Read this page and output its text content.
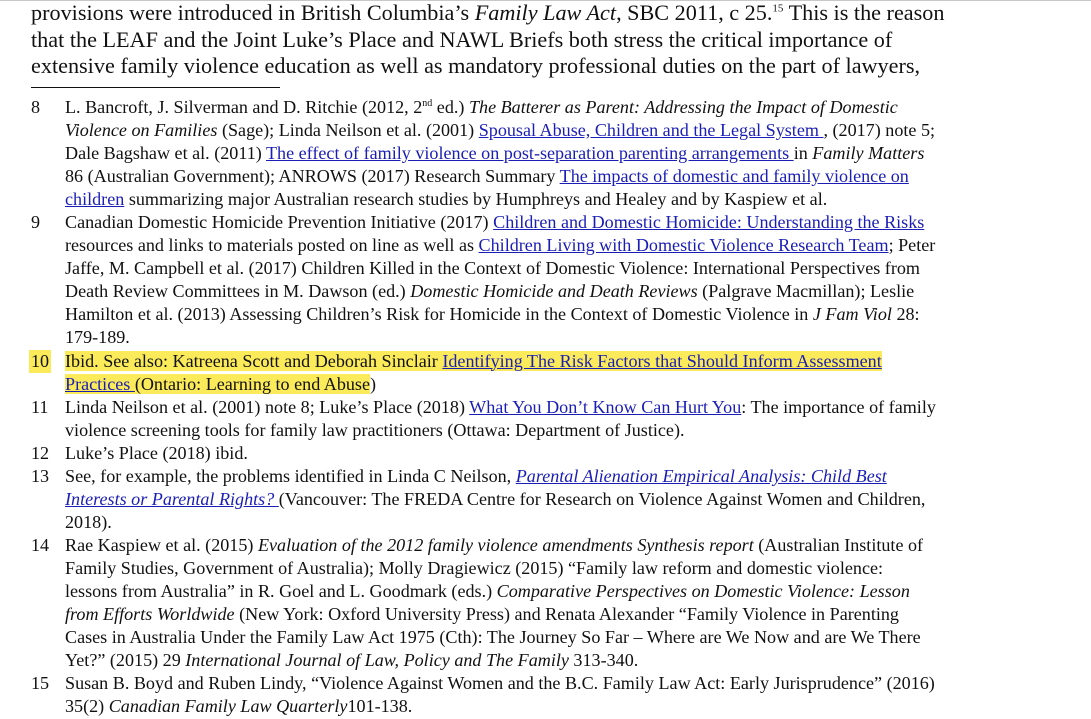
provisions were introduced in British Columbia’s Family Law Act, SBC 2011, c 25.15 This is the reason
that the LEAF and the Joint Luke’s Place and NAWL Briefs both stress the critical importance of
extensive family violence education as well as mandatory professional duties on the part of lawyers,
8	L. Bancroft, J. Silverman and D. Ritchie (2012, 2nd ed.) The Batterer as Parent: Addressing the Impact of Domestic
Violence on Families (Sage); Linda Neilson et al. (2001) Spousal Abuse, Children and the Legal System , (2017) note 5;
Dale Bagshaw et al. (2011) The effect of family violence on post-separation parenting arrangements in Family Matters
86 (Australian Government); ANROWS (2017) Research Summary The impacts of domestic and family violence on
children summarizing major Australian research studies by Humphreys and Healey and by Kaspiew et al.
9	Canadian Domestic Homicide Prevention Initiative (2017) Children and Domestic Homicide: Understanding the Risks
resources and links to materials posted on line as well as Children Living with Domestic Violence Research Team; Peter
Jaffe, M. Campbell et al. (2017) Children Killed in the Context of Domestic Violence: International Perspectives from
Death Review Committees in M. Dawson (ed.) Domestic Homicide and Death Reviews (Palgrave Macmillan); Leslie
Hamilton et al. (2013) Assessing Children’s Risk for Homicide in the Context of Domestic Violence in J Fam Viol 28:
179-189.
10 Ibid. See also: Katreena Scott and Deborah Sinclair Identifying The Risk Factors that Should Inform Assessment
Practices (Ontario: Learning to end Abuse)
11 Linda Neilson et al. (2001) note 8; Luke’s Place (2018) What You Don’t Know Can Hurt You: The importance of family
violence screening tools for family law practitioners (Ottawa: Department of Justice).
12 Luke’s Place (2018) ibid.
13 See, for example, the problems identified in Linda C Neilson, Parental Alienation Empirical Analysis: Child Best
Interests or Parental Rights? (Vancouver: The FREDA Centre for Research on Violence Against Women and Children,
2018).
14 Rae Kaspiew et al. (2015) Evaluation of the 2012 family violence amendments Synthesis report (Australian Institute of
Family Studies, Government of Australia); Molly Dragiewicz (2015) “Family law reform and domestic violence:
lessons from Australia” in R. Goel and L. Goodmark (eds.) Comparative Perspectives on Domestic Violence: Lesson
from Efforts Worldwide (New York: Oxford University Press) and Renata Alexander “Family Violence in Parenting
Cases in Australia Under the Family Law Act 1975 (Cth): The Journey So Far – Where are We Now and are We There
Yet?” (2015) 29 International Journal of Law, Policy and The Family 313-340.
15 Susan B. Boyd and Ruben Lindy, “Violence Against Women and the B.C. Family Law Act: Early Jurisprudence” (2016)
35(2) Canadian Family Law Quarterly101-138.
